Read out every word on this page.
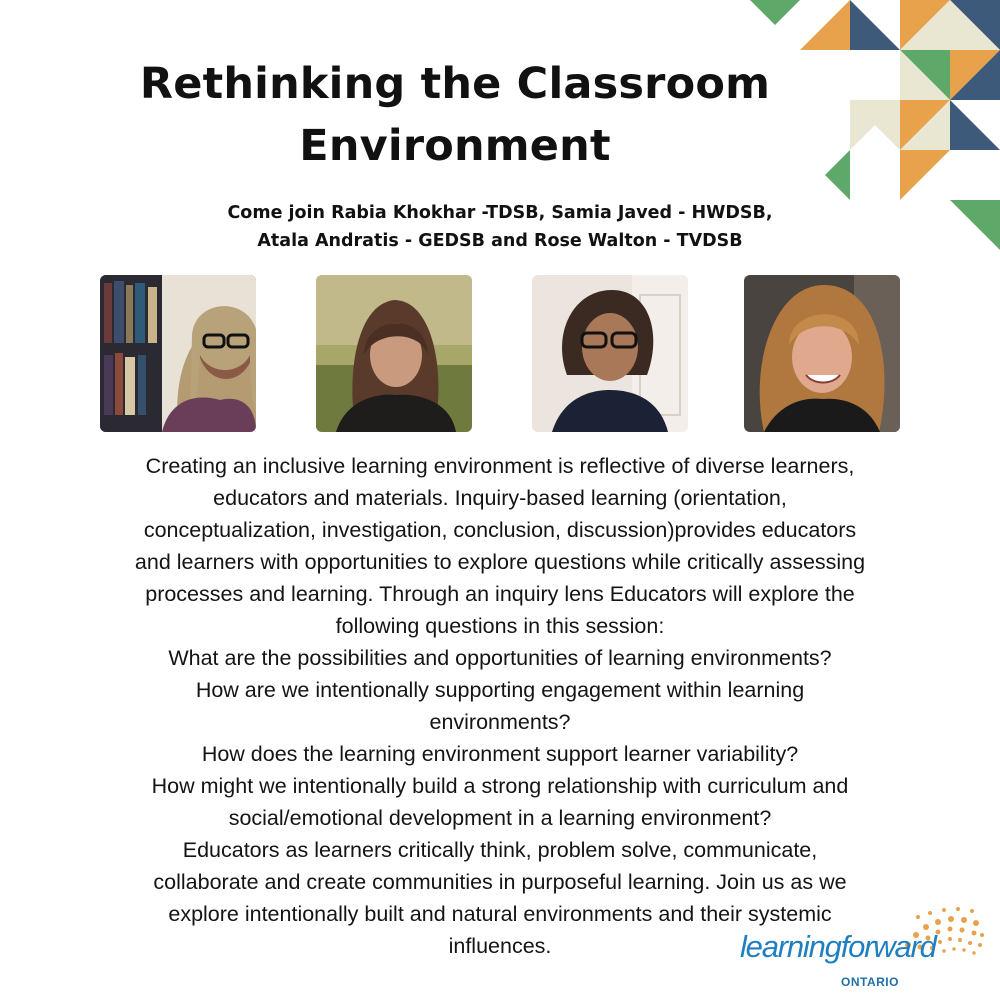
Rethinking the Classroom
Environment
Come join Rabia Khokhar -TDSB, Samia Javed - HWDSB,
Atala Andratis - GEDSB and Rose Walton - TVDSB

Creating an inclusive learning environment is reflective of diverse learners,

educators and materials. Inquiry-based learning (orientation,

conceptualization, investigation, conclusion, discussion)provides educators

and learners with opportunities to explore questions while critically assessing

processes and learning. Through an inquiry lens Educators will explore the

following questions in this session:

What are the possibilities and opportunities of learning environments?

How are we intentionally supporting engagement within learning

environments?

How does the learning environment support learner variability?

How might we intentionally build a strong relationship with curriculum and

social/emotional development in a learning environment?

Educators as learners critically think, problem solve, communicate,

collaborate and create communities in purposeful learning. Join us as we

explore intentionally built and natural environments and their systemic

influences.	learningforward
ONTARIO
